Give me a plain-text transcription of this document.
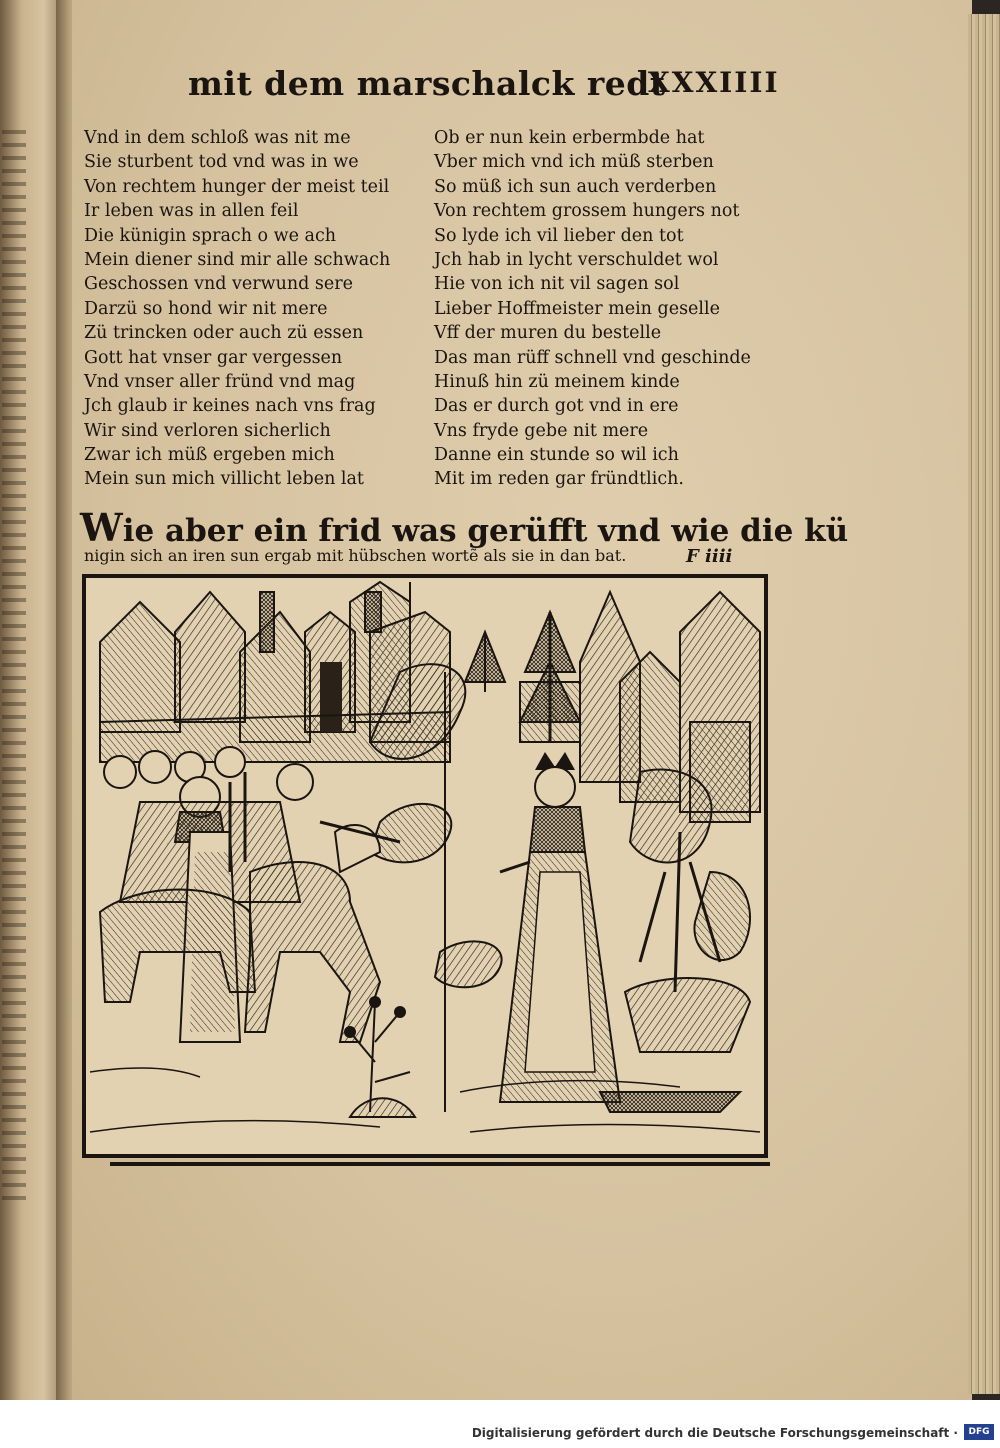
mit dem marschalck redt
XXXIIII
Vnd in dem schloß was nit me
Sie sturbent tod vnd was in we
Von rechtem hunger der meist teil
Ir leben was in allen feil
Die künigin sprach o we ach
Mein diener sind mir alle schwach
Geschossen vnd verwund sere
Darzü so hond wir nit mere
Zü trincken oder auch zü essen
Gott hat vnser gar vergessen
Vnd vnser aller fründ vnd mag
Jch glaub ir keines nach vns frag
Wir sind verloren sicherlich
Zwar ich müß ergeben mich
Mein sun mich villicht leben lat
Ob er nun kein erbermbde hat
Vber mich vnd ich müß sterben
So müß ich sun auch verderben
Von rechtem grossem hungers not
So lyde ich vil lieber den tot
Jch hab in lycht verschuldet wol
Hie von ich nit vil sagen sol
Lieber Hoffmeister mein geselle
Vff der muren du bestelle
Das man rüff schnell vnd geschinde
Hinuß hin zü meinem kinde
Das er durch got vnd in ere
Vns fryde gebe nit mere
Danne ein stunde so wil ich
Mit im reden gar fründtlich.
Wie aber ein frid was gerüfft vnd wie die kü
nigin sich an iren sun ergab mit hübschen wortẽ als sie in dan bat.	F iiii
Digitalisierung gefördert durch die Deutsche Forschungsgemeinschaft ·	DFG
